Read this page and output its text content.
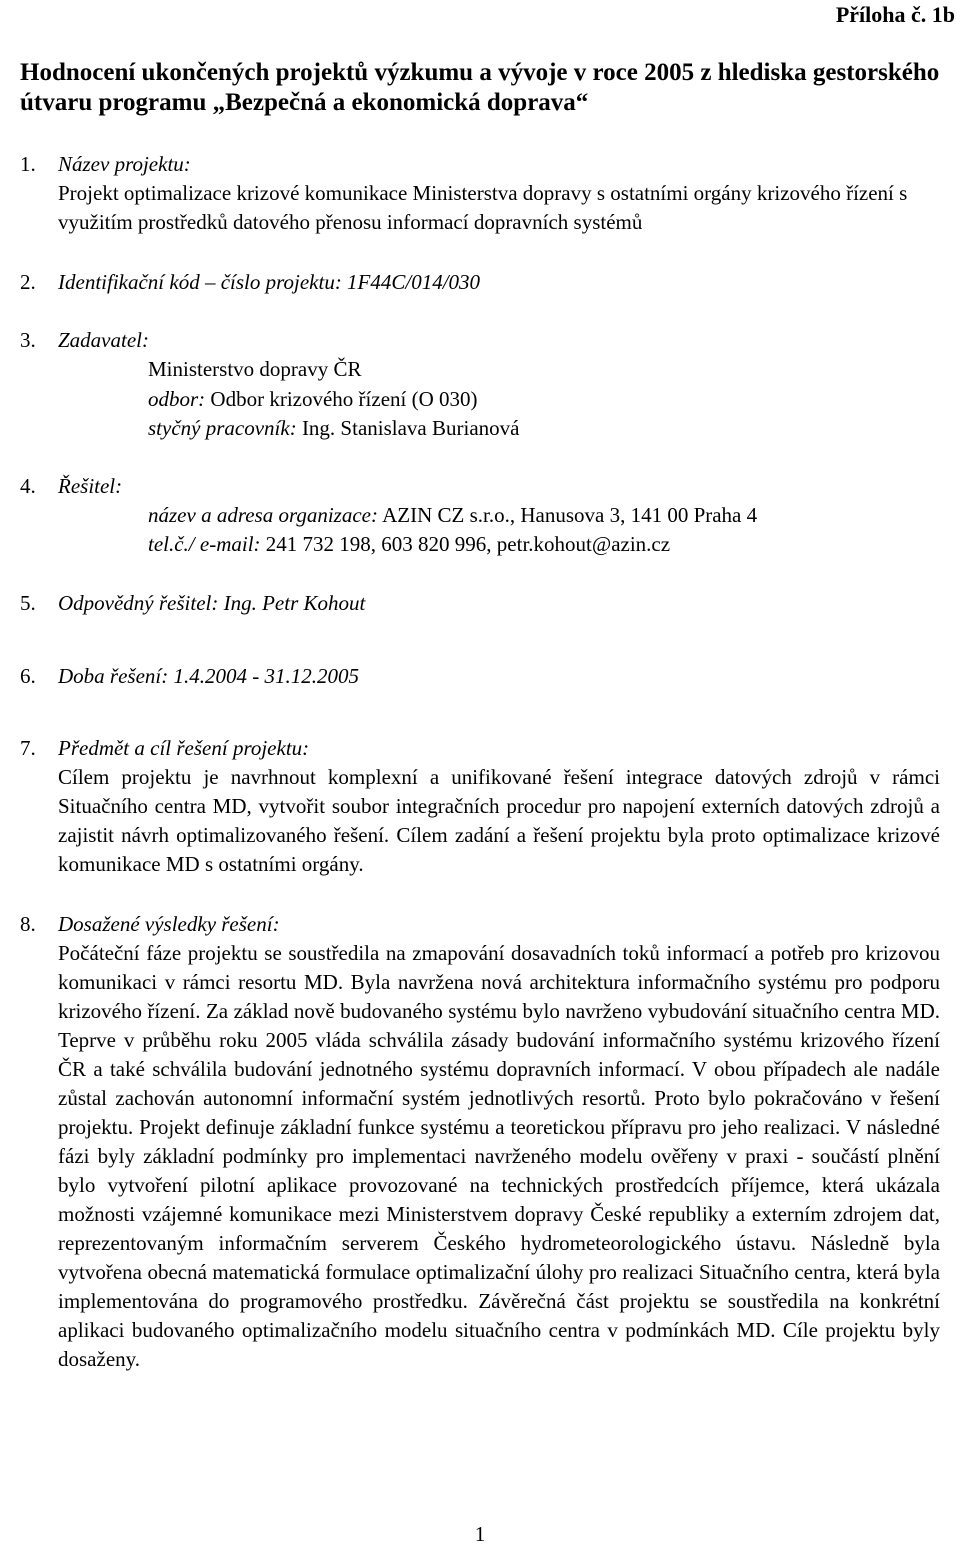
Příloha č. 1b
Hodnocení ukončených projektů výzkumu a vývoje v roce 2005 z hlediska gestorského útvaru programu „Bezpečná a ekonomická doprava“
1. Název projektu:
Projekt optimalizace krizové komunikace Ministerstva dopravy s ostatními orgány krizového řízení s využitím prostředků datového přenosu informací dopravních systémů
2. Identifikační kód – číslo projektu: 1F44C/014/030
3. Zadavatel:
Ministerstvo dopravy ČR
odbor: Odbor krizového řízení (O 030)
styčný pracovník: Ing. Stanislava Burianová
4. Řešitel:
název a adresa organizace: AZIN CZ s.r.o., Hanusova 3, 141 00 Praha 4
tel.č./ e-mail: 241 732 198, 603 820 996, petr.kohout@azin.cz
5. Odpovědný řešitel: Ing. Petr Kohout
6. Doba řešení: 1.4.2004 - 31.12.2005
7. Předmět a cíl řešení projektu:
Cílem projektu je navrhnout komplexní a unifikované řešení integrace datových zdrojů v rámci Situačního centra MD, vytvořit soubor integračních procedur pro napojení externích datových zdrojů a zajistit návrh optimalizovaného řešení. Cílem zadání a řešení projektu byla proto optimalizace krizové komunikace MD s ostatními orgány.
8. Dosažené výsledky řešení:
Počáteční fáze projektu se soustředila na zmapování dosavadních toků informací a potřeb pro krizovou komunikaci v rámci resortu MD. Byla navržena nová architektura informačního systému pro podporu krizového řízení. Za základ nově budovaného systému bylo navrženo vybudování situačního centra MD. Teprve v průběhu roku 2005 vláda schválila zásady budování informačního systému krizového řízení ČR a také schválila budování jednotného systému dopravních informací. V obou případech ale nadále zůstal zachován autonomní informační systém jednotlivých resortů. Proto bylo pokračováno v řešení projektu. Projekt definuje základní funkce systému a teoretickou přípravu pro jeho realizaci. V následné fázi byly základní podmínky pro implementaci navrženého modelu ověřeny v praxi - součástí plnění bylo vytvoření pilotní aplikace provozované na technických prostředcích příjemce, která ukázala možnosti vzájemné komunikace mezi Ministerstvem dopravy České republiky a externím zdrojem dat, reprezentovaným informačním serverem Českého hydrometeorologického ústavu. Následně byla vytvořena obecná matematická formulace optimalizační úlohy pro realizaci Situačního centra, která byla implementována do programového prostředku. Závěrečná část projektu se soustředila na konkrétní aplikaci budovaného optimalizačního modelu situačního centra v podmínkách MD. Cíle projektu byly dosaženy.
1
